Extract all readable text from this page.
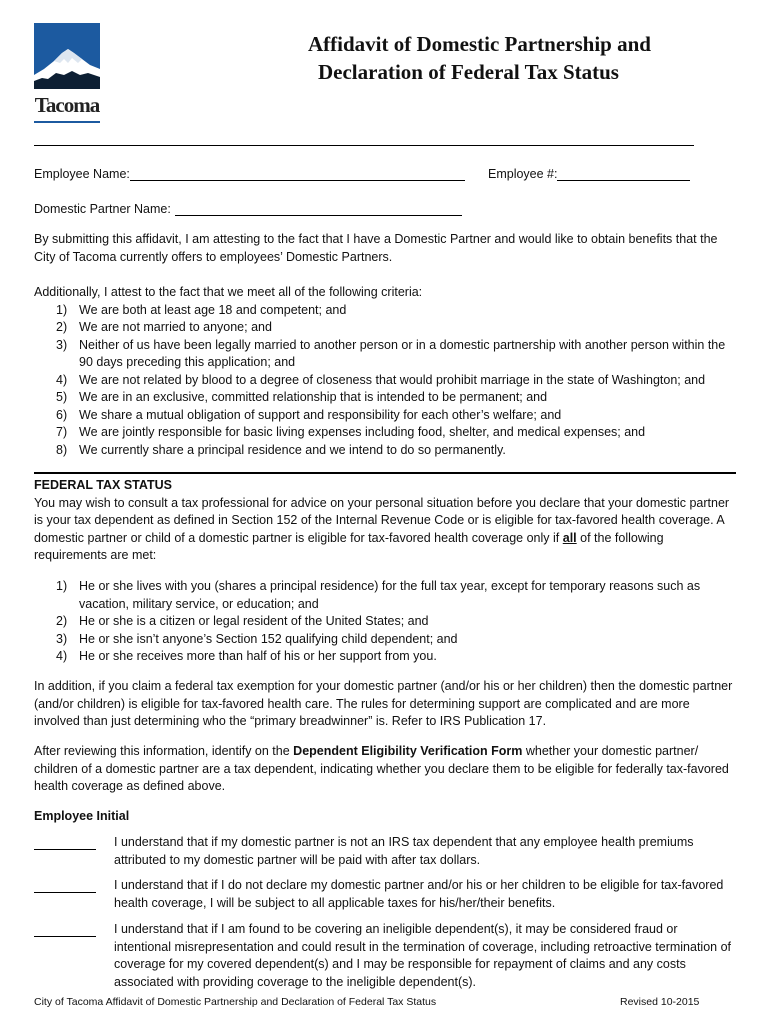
Tacoma
Affidavit of Domestic Partnership and
Declaration of Federal Tax Status
Employee Name:	Employee #:
Domestic Partner Name:

By submitting this affidavit, I am attesting to the fact that I have a Domestic Partner and would like to obtain benefits that the City of Tacoma currently offers to employees’ Domestic Partners.

Additionally, I attest to the fact that we meet all of the following criteria:
1) We are both at least age 18 and competent; and
2) We are not married to anyone; and
3) Neither of us have been legally married to another person or in a domestic partnership with another person within the 90 days preceding this application; and
4) We are not related by blood to a degree of closeness that would prohibit marriage in the state of Washington; and
5) We are in an exclusive, committed relationship that is intended to be permanent; and
6) We share a mutual obligation of support and responsibility for each other’s welfare; and
7) We are jointly responsible for basic living expenses including food, shelter, and medical expenses; and
8) We currently share a principal residence and we intend to do so permanently.
FEDERAL TAX STATUS
You may wish to consult a tax professional for advice on your personal situation before you declare that your domestic partner is your tax dependent as defined in Section 152 of the Internal Revenue Code or is eligible for tax-favored health coverage. A domestic partner or child of a domestic partner is eligible for tax-favored health coverage only if all of the following requirements are met:
1) He or she lives with you (shares a principal residence) for the full tax year, except for temporary reasons such as vacation, military service, or education; and
2) He or she is a citizen or legal resident of the United States; and
3) He or she isn’t anyone’s Section 152 qualifying child dependent; and
4) He or she receives more than half of his or her support from you.

In addition, if you claim a federal tax exemption for your domestic partner (and/or his or her children) then the domestic partner (and/or children) is eligible for tax-favored health care. The rules for determining support are complicated and are more involved than just determining who the “primary breadwinner” is. Refer to IRS Publication 17.

After reviewing this information, identify on the Dependent Eligibility Verification Form whether your domestic partner/ children of a domestic partner are a tax dependent, indicating whether you declare them to be eligible for federally tax-favored health coverage as defined above.
Employee Initial
I understand that if my domestic partner is not an IRS tax dependent that any employee health premiums attributed to my domestic partner will be paid with after tax dollars.
I understand that if I do not declare my domestic partner and/or his or her children to be eligible for tax-favored health coverage, I will be subject to all applicable taxes for his/her/their benefits.
I understand that if I am found to be covering an ineligible dependent(s), it may be considered fraud or intentional misrepresentation and could result in the termination of coverage, including retroactive termination of coverage for my covered dependent(s) and I may be responsible for repayment of claims and any costs associated with providing coverage to the ineligible dependent(s).
City of Tacoma Affidavit of Domestic Partnership and Declaration of Federal Tax Status	Revised 10-2015
